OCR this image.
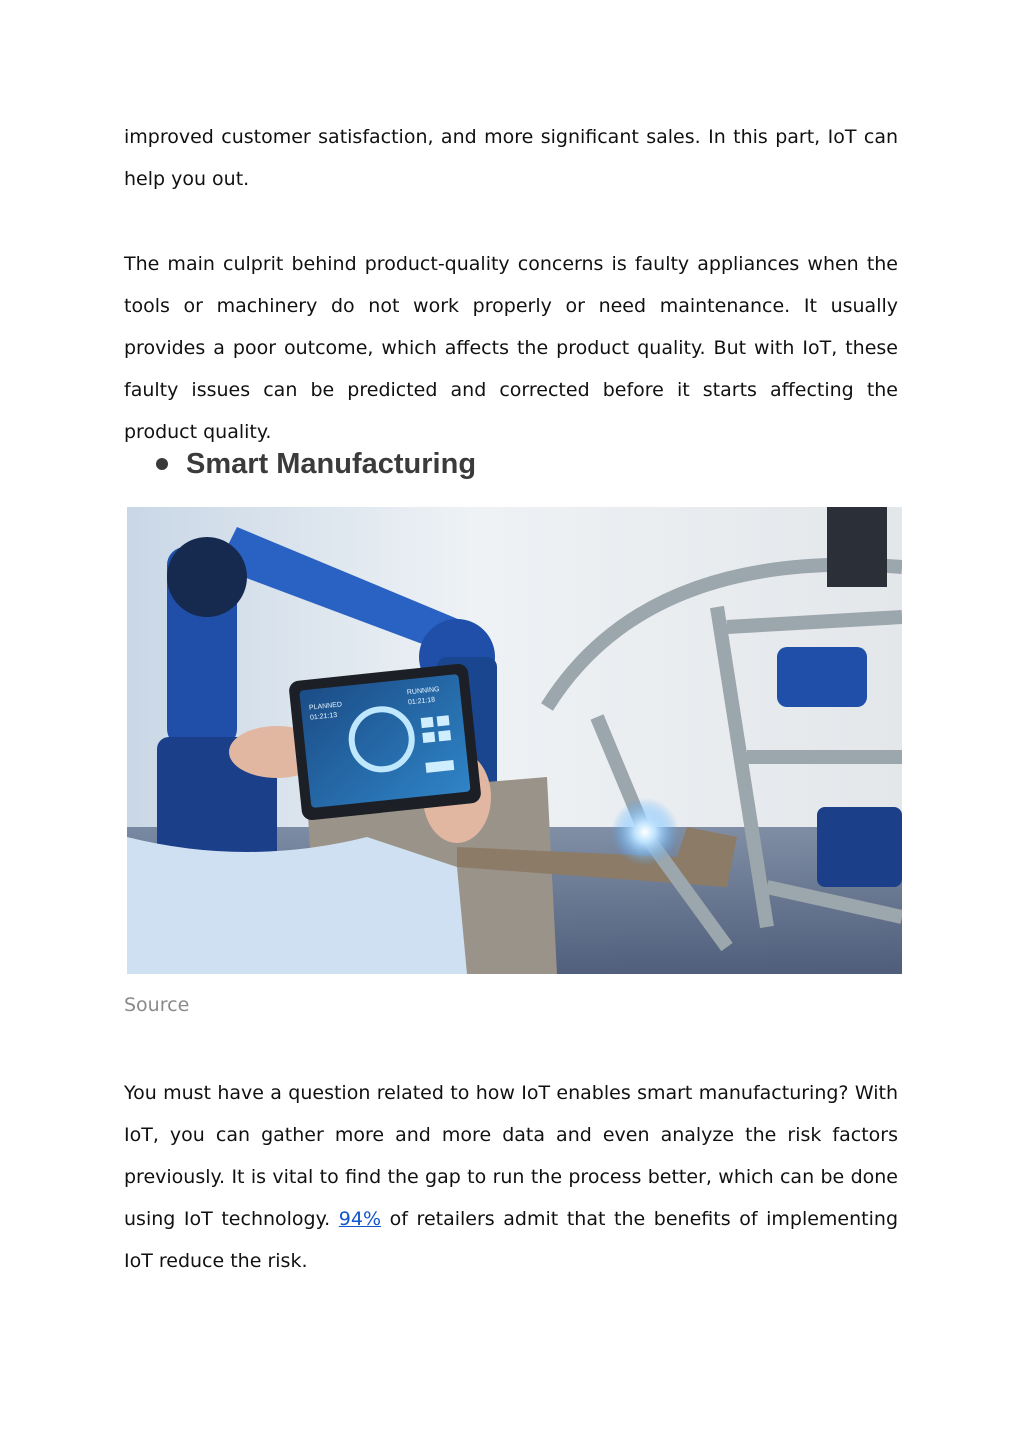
improved customer satisfaction, and more significant sales. In this part, IoT can help you out.

The main culprit behind product-quality concerns is faulty appliances when the tools or machinery do not work properly or need maintenance. It usually provides a poor outcome, which affects the product quality. But with IoT, these faulty issues can be predicted and corrected before it starts affecting the product quality.

Smart Manufacturing
PLANNED
01:21:13
RUNNING
01:21:18
Source

You must have a question related to how IoT enables smart manufacturing? With IoT, you can gather more and more data and even analyze the risk factors previously. It is vital to find the gap to run the process better, which can be done using IoT technology. 94% of retailers admit that the benefits of implementing IoT reduce the risk.
